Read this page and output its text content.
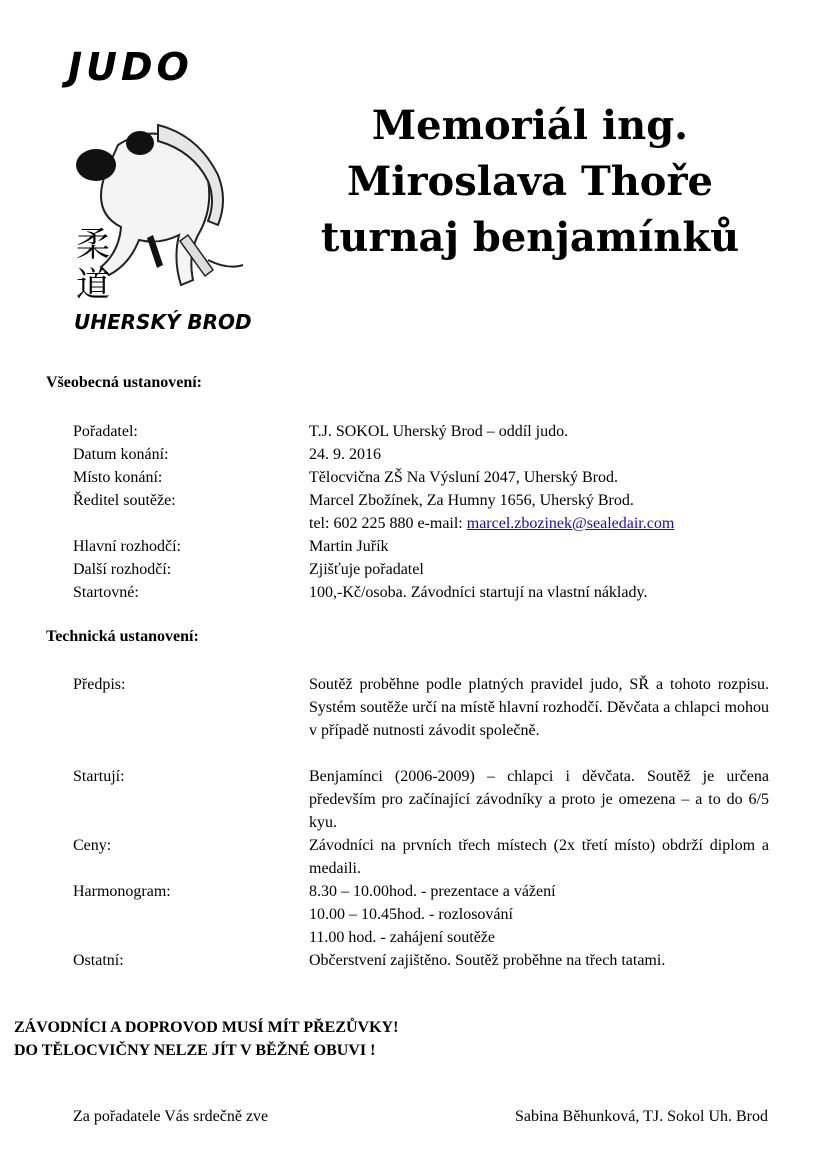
JUDO
柔道
UHERSKÝ BROD
Memoriál ing.
Miroslava Thoře
turnaj benjamínků
Všeobecná ustanovení:
Pořadatel:	T.J. SOKOL Uherský Brod – oddíl judo.
Datum konání:	24. 9. 2016
Místo konání:	Tělocvična ZŠ Na Výsluní 2047, Uherský Brod.
Ředitel soutěže:	Marcel Zbožínek, Za Humny 1656, Uherský Brod.
tel: 602 225 880 e-mail: marcel.zbozinek@sealedair.com
Hlavní rozhodčí:	Martin Juřík
Další rozhodčí:	Zjišťuje pořadatel
Startovné:	100,-Kč/osoba. Závodníci startují na vlastní náklady.
Technická ustanovení:
Předpis:	Soutěž proběhne podle platných pravidel judo, SŘ a tohoto rozpisu. Systém soutěže určí na místě hlavní rozhodčí. Děvčata a chlapci mohou v případě nutnosti závodit společně.
Startují:	Benjamínci (2006-2009) – chlapci i děvčata. Soutěž je určena především pro začínající závodníky a proto je omezena – a to do 6/5 kyu.
Ceny:	Závodníci na prvních třech místech (2x třetí místo) obdrží diplom a medaili.
Harmonogram:	8.30 – 10.00hod. - prezentace a vážení
10.00 – 10.45hod. - rozlosování
11.00 hod. - zahájení soutěže
Ostatní:	Občerstvení zajištěno. Soutěž proběhne na třech tatami.
ZÁVODNÍCI A DOPROVOD MUSÍ MÍT PŘEZŮVKY!
DO TĚLOCVIČNY NELZE JÍT V BĚŽNÉ OBUVI !
Za pořadatele Vás srdečně zve	Sabina Běhunková, TJ. Sokol Uh. Brod
